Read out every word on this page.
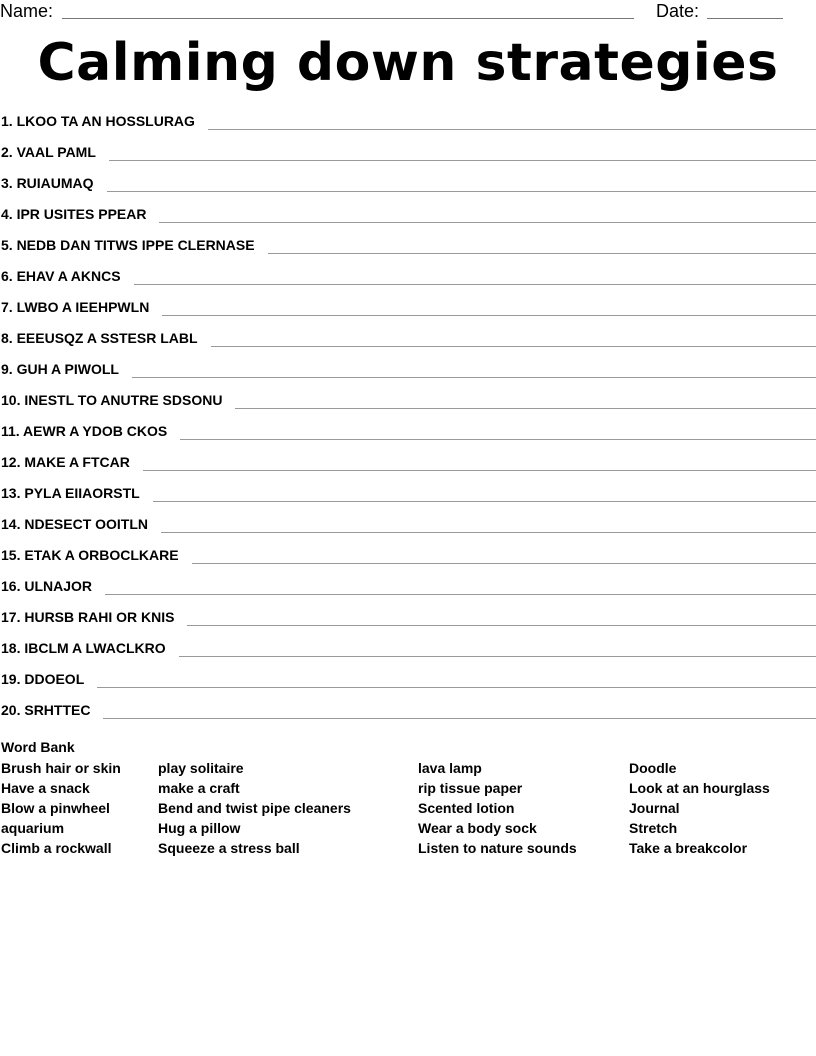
Name:	Date:
Calming down strategies
1. LKOO TA AN HOSSLURAG
2. VAAL PAML
3. RUIAUMAQ
4. IPR USITES PPEAR
5. NEDB DAN TITWS IPPE CLERNASE
6. EHAV A AKNCS
7. LWBO A IEEHPWLN
8. EEEUSQZ A SSTESR LABL
9. GUH A PIWOLL
10. INESTL TO ANUTRE SDSONU
11. AEWR A YDOB CKOS
12. MAKE A FTCAR
13. PYLA EIIAORSTL
14. NDESECT OOITLN
15. ETAK A ORBOCLKARE
16. ULNAJOR
17. HURSB RAHI OR KNIS
18. IBCLM A LWACLKRO
19. DDOEOL
20. SRHTTEC
Word Bank
Brush hair or skin
Have a snack
Blow a pinwheel
aquarium
Climb a rockwall
play solitaire
make a craft
Bend and twist pipe cleaners
Hug a pillow
Squeeze a stress ball
lava lamp
rip tissue paper
Scented lotion
Wear a body sock
Listen to nature sounds
Doodle
Look at an hourglass
Journal
Stretch
Take a breakcolor
